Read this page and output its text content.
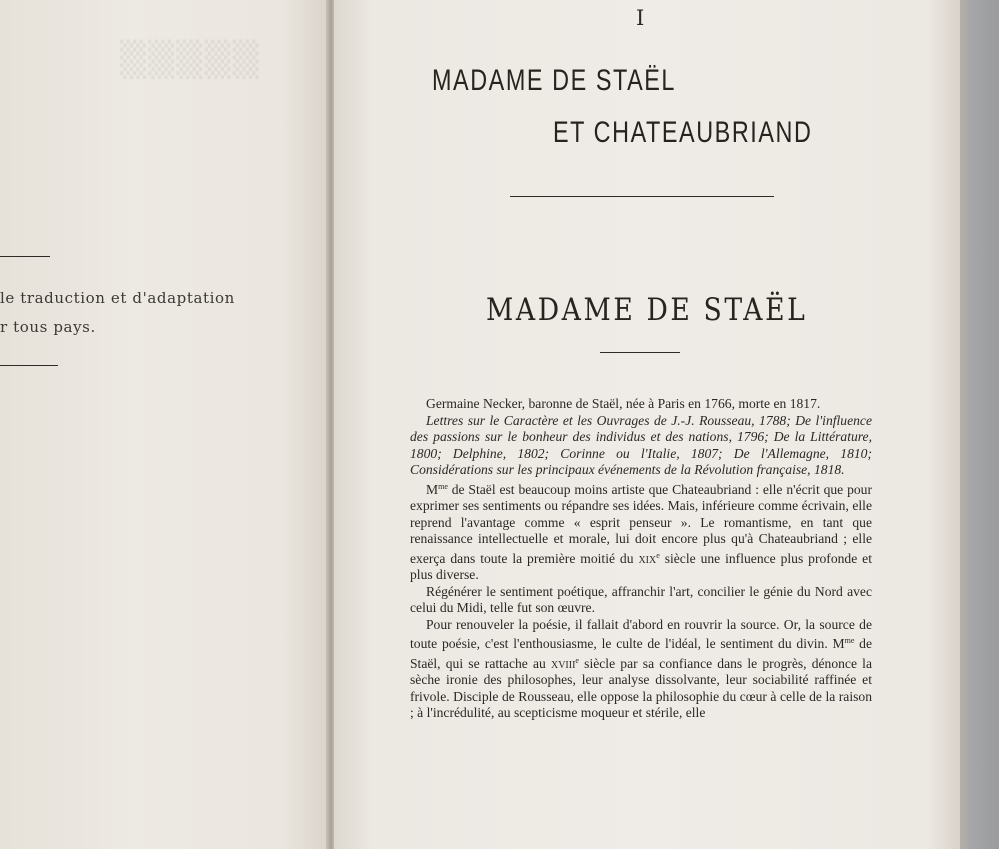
▒▒▒▒▒
le traduction et d'adaptation
r tous pays.
I
MADAME DE STAËL
ET CHATEAUBRIAND
MADAME DE STAËL

Germaine Necker, baronne de Staël, née à Paris en 1766, morte en 1817.

Lettres sur le Caractère et les Ouvrages de J.-J. Rousseau, 1788; De l'influence des passions sur le bonheur des individus et des nations, 1796; De la Littérature, 1800; Delphine, 1802; Corinne ou l'Italie, 1807; De l'Allemagne, 1810; Considérations sur les principaux événements de la Révolution française, 1818.

$M^{me}$ de Staël est beaucoup moins artiste que Chateaubriand : elle n'écrit que pour exprimer ses sentiments ou répandre ses idées. Mais, inférieure comme écrivain, elle reprend l'avantage comme « esprit penseur ». Le romantisme, en tant que renaissance intellectuelle et morale, lui doit encore plus qu'à Chateaubriand ; elle exerça dans toute la première moitié du xix$^e$ siècle une influence plus profonde et plus diverse.

Régénérer le sentiment poétique, affranchir l'art, concilier le génie du Nord avec celui du Midi, telle fut son œuvre.

Pour renouveler la poésie, il fallait d'abord en rouvrir la source. Or, la source de toute poésie, c'est l'enthousiasme, le culte de l'idéal, le sentiment du divin. $M^{me}$ de Staël, qui se rattache au xviii$^e$ siècle par sa confiance dans le progrès, dénonce la sèche ironie des philosophes, leur analyse dissolvante, leur sociabilité raffinée et frivole. Disciple de Rousseau, elle oppose la philosophie du cœur à celle de la raison ; à l'incrédulité, au scepticisme moqueur et stérile, elle
